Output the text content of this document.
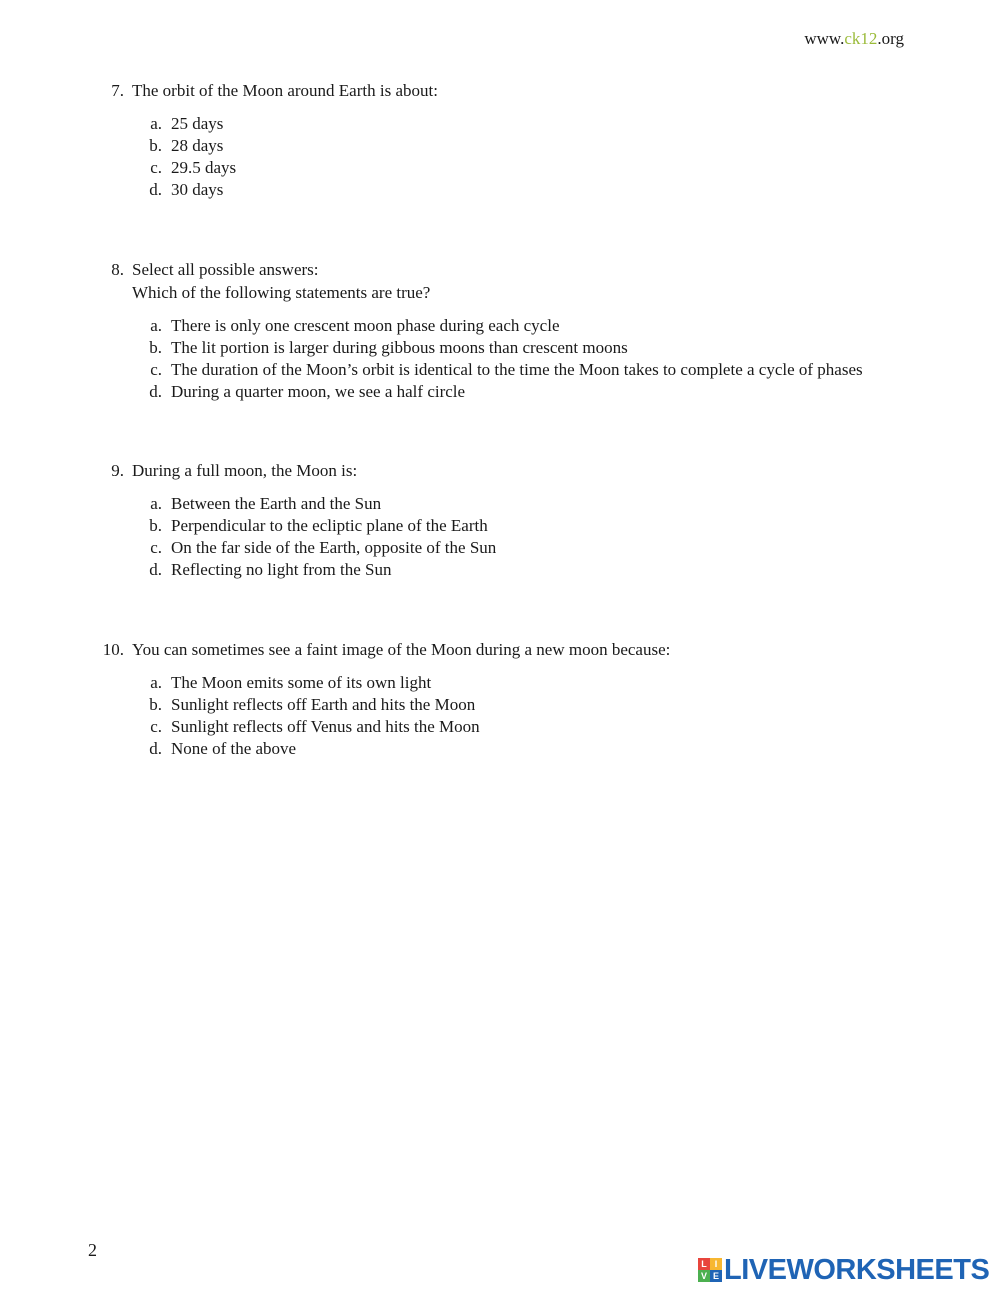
www.ck12.org
7. The orbit of the Moon around Earth is about:
a. 25 days
b. 28 days
c. 29.5 days
d. 30 days
8. Select all possible answers:
Which of the following statements are true?
a. There is only one crescent moon phase during each cycle
b. The lit portion is larger during gibbous moons than crescent moons
c. The duration of the Moon’s orbit is identical to the time the Moon takes to complete a cycle of phases
d. During a quarter moon, we see a half circle
9. During a full moon, the Moon is:
a. Between the Earth and the Sun
b. Perpendicular to the ecliptic plane of the Earth
c. On the far side of the Earth, opposite of the Sun
d. Reflecting no light from the Sun
10. You can sometimes see a faint image of the Moon during a new moon because:
a. The Moon emits some of its own light
b. Sunlight reflects off Earth and hits the Moon
c. Sunlight reflects off Venus and hits the Moon
d. None of the above
2
L I
V E LIVEWORKSHEETS
